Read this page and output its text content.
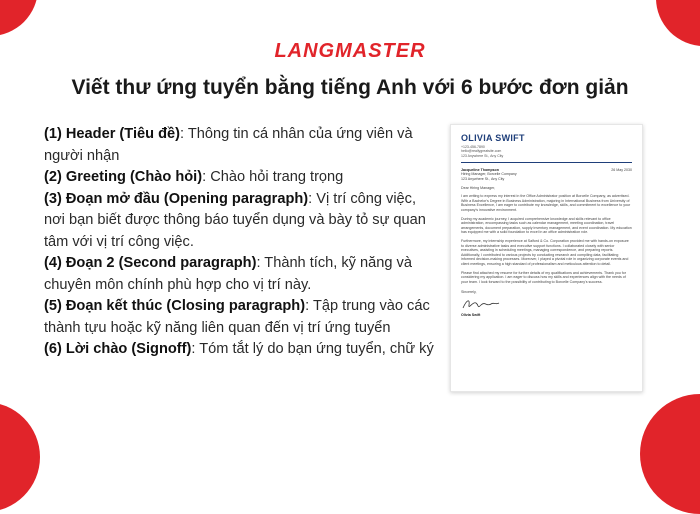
LANGMASTER
Viết thư ứng tuyển bằng tiếng Anh với 6 bước đơn giản

(1) Header (Tiêu đề): Thông tin cá nhân của ứng viên và người nhận

(2) Greeting (Chào hỏi): Chào hỏi trang trọng

(3) Đoạn mở đầu (Opening paragraph): Vị trí công việc, nơi bạn biết được thông báo tuyển dụng và bày tỏ sự quan tâm với vị trí công việc.

(4) Đoạn 2 (Second paragraph): Thành tích, kỹ năng và chuyên môn chính phù hợp cho vị trí này.

(5) Đoạn kết thúc (Closing paragraph): Tập trung vào các thành tựu hoặc kỹ năng liên quan đến vị trí ứng tuyển

(6) Lời chào (Signoff): Tóm tắt lý do bạn ứng tuyển, chữ ký

OLIVIA SWIFT
+123-456-7890
hello@reallygreatsite.com
123 Anywhere St., Any City
Jacqueline Thompson	26 May 2030
Hiring Manager, Borcelle Company
123 Anywhere St., Any City
Dear Hiring Manager,
I am writing to express my interest in the Office Administrator position at Borcelle Company, as advertised. With a Bachelor's Degree in Business Administration, majoring in International Business from University of Business Excellence, I am eager to contribute my knowledge, skills, and commitment to excellence to your company's innovative environment.
During my academic journey, I acquired comprehensive knowledge and skills relevant to office administration, encompassing tasks such as calendar management, meeting coordination, travel arrangements, document preparation, supply inventory management, and event coordination. My education has equipped me with a solid foundation to excel in an office administration role.
Furthermore, my internship experience at Salford & Co. Corporation provided me with hands-on exposure to diverse administrative tasks and executive support functions. I collaborated closely with senior executives, assisting in scheduling meetings, managing correspondence, and preparing reports. Additionally, I contributed to various projects by conducting research and compiling data, facilitating informed decision-making processes. Moreover, I played a pivotal role in organizing corporate events and client meetings, ensuring a high standard of professionalism and meticulous attention to detail.
Please find attached my resume for further details of my qualifications and achievements. Thank you for considering my application. I am eager to discuss how my skills and experiences align with the needs of your team. I look forward to the possibility of contributing to Borcelle Company's success.
Sincerely,
Olivia Swift
